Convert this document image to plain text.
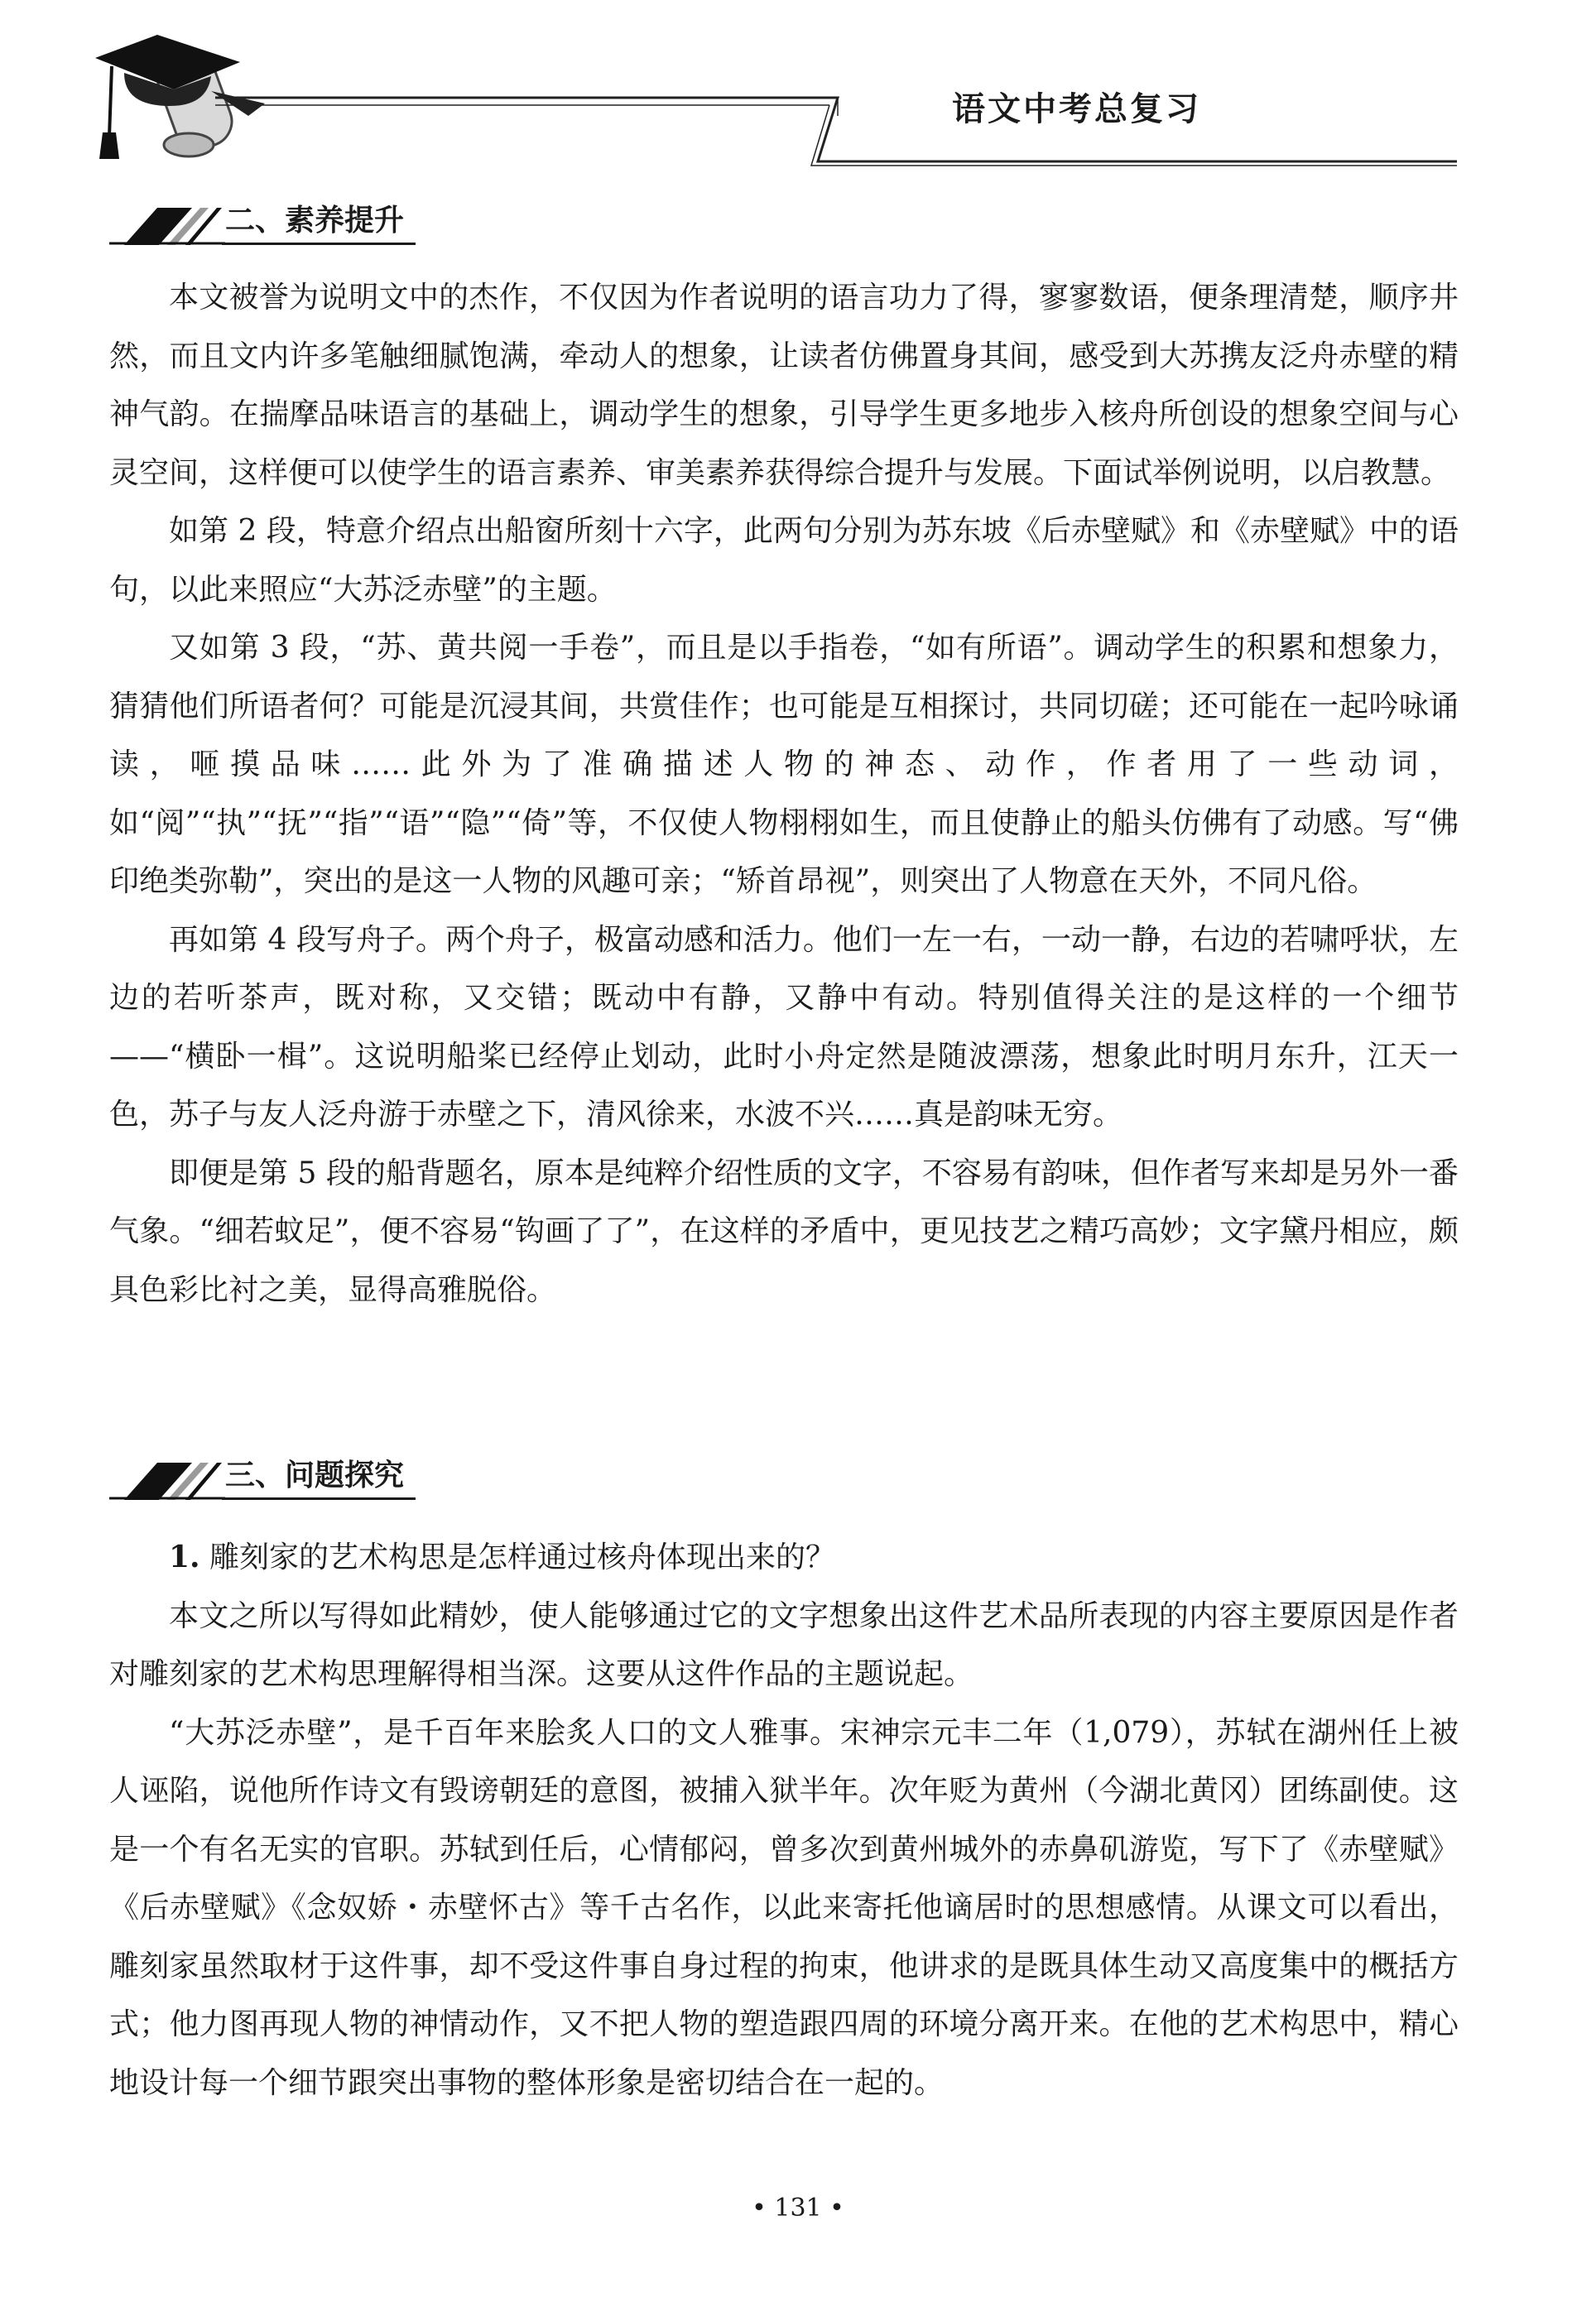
语文中考总复习
二、素养提升

本文被誉为说明文中的杰作，不仅因为作者说明的语言功力了得，寥寥数语，便条理清楚，顺序井然，而且文内许多笔触细腻饱满，牵动人的想象，让读者仿佛置身其间，感受到大苏携友泛舟赤壁的精神气韵。在揣摩品味语言的基础上，调动学生的想象，引导学生更多地步入核舟所创设的想象空间与心灵空间，这样便可以使学生的语言素养、审美素养获得综合提升与发展。下面试举例说明，以启教慧。

如第 2 段，特意介绍点出船窗所刻十六字，此两句分别为苏东坡《后赤壁赋》和《赤壁赋》中的语句，以此来照应“大苏泛赤壁”的主题。

又如第 3 段，“苏、黄共阅一手卷”，而且是以手指卷，“如有所语”。调动学生的积累和想象力，猜猜他们所语者何？可能是沉浸其间，共赏佳作；也可能是互相探讨，共同切磋；还可能在一起吟咏诵读，咂摸品味……此外为了准确描述人物的神态、动作，作者用了一些动词，如“阅”“执”“抚”“指”“语”“隐”“倚”等，不仅使人物栩栩如生，而且使静止的船头仿佛有了动感。写“佛印绝类弥勒”，突出的是这一人物的风趣可亲；“矫首昂视”，则突出了人物意在天外，不同凡俗。

再如第 4 段写舟子。两个舟子，极富动感和活力。他们一左一右，一动一静，右边的若啸呼状，左边的若听茶声，既对称，又交错；既动中有静，又静中有动。特别值得关注的是这样的一个细节——“横卧一楫”。这说明船桨已经停止划动，此时小舟定然是随波漂荡，想象此时明月东升，江天一色，苏子与友人泛舟游于赤壁之下，清风徐来，水波不兴……真是韵味无穷。

即便是第 5 段的船背题名，原本是纯粹介绍性质的文字，不容易有韵味，但作者写来却是另外一番气象。“细若蚊足”，便不容易“钩画了了”，在这样的矛盾中，更见技艺之精巧高妙；文字黛丹相应，颇具色彩比衬之美，显得高雅脱俗。

三、问题探究

1. 雕刻家的艺术构思是怎样通过核舟体现出来的？

本文之所以写得如此精妙，使人能够通过它的文字想象出这件艺术品所表现的内容主要原因是作者对雕刻家的艺术构思理解得相当深。这要从这件作品的主题说起。

“大苏泛赤壁”，是千百年来脍炙人口的文人雅事。宋神宗元丰二年（1,079），苏轼在湖州任上被人诬陷，说他所作诗文有毁谤朝廷的意图，被捕入狱半年。次年贬为黄州（今湖北黄冈）团练副使。这是一个有名无实的官职。苏轼到任后，心情郁闷，曾多次到黄州城外的赤鼻矶游览，写下了《赤壁赋》《后赤壁赋》《念奴娇・赤壁怀古》等千古名作，以此来寄托他谪居时的思想感情。从课文可以看出，雕刻家虽然取材于这件事，却不受这件事自身过程的拘束，他讲求的是既具体生动又高度集中的概括方式；他力图再现人物的神情动作，又不把人物的塑造跟四周的环境分离开来。在他的艺术构思中，精心地设计每一个细节跟突出事物的整体形象是密切结合在一起的。

• 131 •
